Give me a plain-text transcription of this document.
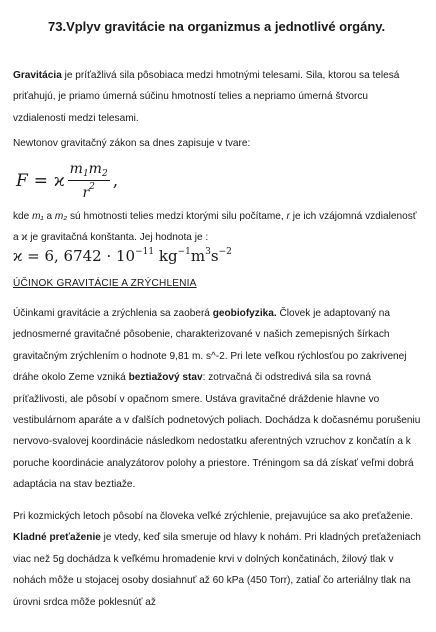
73.Vplyv gravitácie na organizmus a jednotlivé orgány.

Gravitácia je príťažlivá sila pôsobiaca medzi hmotnými telesami. Sila, ktorou sa telesá priťahujú, je priamo úmerná súčinu hmotností telies a nepriamo úmerná štvorcu vzdialenosti medzi telesami.

Newtonov gravitačný zákon sa dnes zapisuje v tvare:

F = ϰ $\frac{m_1m_2}{r^2}$ ,

kde m₁ a m₂ sú hmotnosti telies medzi ktorými silu počítame, r je ich vzájomná vzdialenosť a ϰ je gravitačná konštanta. Jej hodnota je :

ϰ = 6, $6742 \cdot 10^{-11}$ $kg^{-1}m^3s^{-2}$
ÚČINOK GRAVITÁCIE A ZRÝCHLENIA

Účinkami gravitácie a zrýchlenia sa zaoberá geobiofyzika. Človek je adaptovaný na jednosmerné gravitačné pôsobenie, charakterizované v našich zemepisných šírkach gravitačným zrýchlením o hodnote 9,81 m. s^-2. Pri lete veľkou rýchlosťou po zakrivenej dráhe okolo Zeme vzniká beztiažový stav: zotrvačná či odstredivá sila sa rovná príťažlivosti, ale pôsobí v opačnom smere. Ustáva gravitačné dráždenie hlavne vo vestibulárnom aparáte a v ďalších podnetových poliach. Dochádza k dočasnému porušeniu nervovo-svalovej koordinácie následkom nedostatku aferentných vzruchov z končatín a k poruche koordinácie analyzátorov polohy a priestore. Tréningom sa dá získať veľmi dobrá adaptácia na stav beztiaže.

Pri kozmických letoch pôsobí na človeka veľké zrýchlenie, prejavujúce sa ako preťaženie. Kladné preťaženie je vtedy, keď sila smeruje od hlavy k nohám. Pri kladných preťaženiach viac než 5g dochádza k veľkému hromadenie krvi v dolných končatinách, žilový tlak v nohách môže u stojacej osoby dosiahnuť až 60 kPa (450 Torr), zatiaľ čo arteriálny tlak na úrovni srdca môže poklesnúť až
